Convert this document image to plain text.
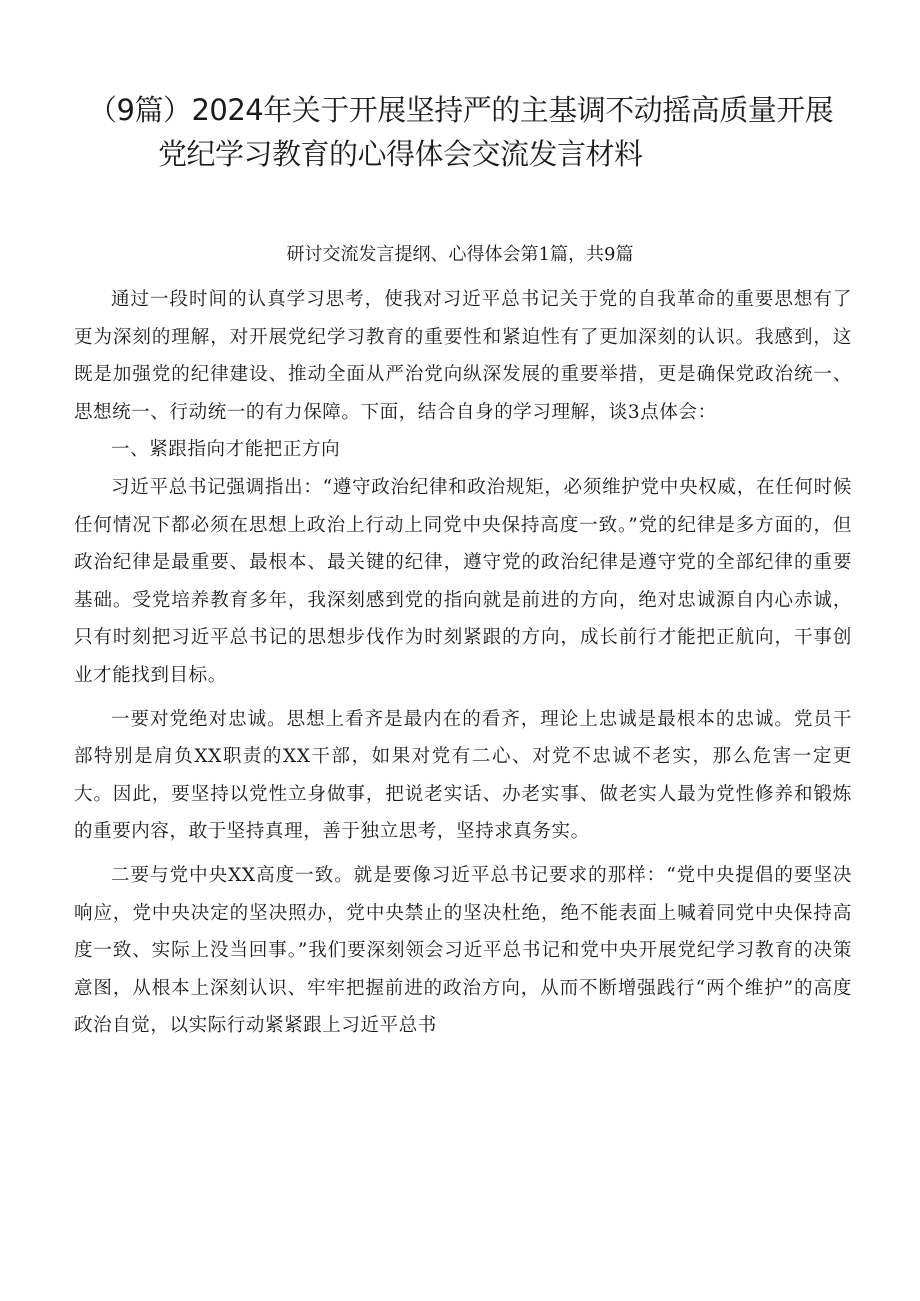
（9篇）2024年关于开展坚持严的主基调不动摇高质量开展
党纪学习教育的心得体会交流发言材料

研讨交流发言提纲、心得体会第1篇，共9篇

通过一段时间的认真学习思考，使我对习近平总书记关于党的自我革命的重要思想有了更为深刻的理解，对开展党纪学习教育的重要性和紧迫性有了更加深刻的认识。我感到，这既是加强党的纪律建设、推动全面从严治党向纵深发展的重要举措，更是确保党政治统一、思想统一、行动统一的有力保障。下面，结合自身的学习理解，谈3点体会：

一、紧跟指向才能把正方向

习近平总书记强调指出：“遵守政治纪律和政治规矩，必须维护党中央权威，在任何时候任何情况下都必须在思想上政治上行动上同党中央保持高度一致。”党的纪律是多方面的，但政治纪律是最重要、最根本、最关键的纪律，遵守党的政治纪律是遵守党的全部纪律的重要基础。受党培养教育多年，我深刻感到党的指向就是前进的方向，绝对忠诚源自内心赤诚，只有时刻把习近平总书记的思想步伐作为时刻紧跟的方向，成长前行才能把正航向，干事创业才能找到目标。

一要对党绝对忠诚。思想上看齐是最内在的看齐，理论上忠诚是最根本的忠诚。党员干部特别是肩负XX职责的XX干部，如果对党有二心、对党不忠诚不老实，那么危害一定更大。因此，要坚持以党性立身做事，把说老实话、办老实事、做老实人最为党性修养和锻炼的重要内容，敢于坚持真理，善于独立思考，坚持求真务实。

二要与党中央XX高度一致。就是要像习近平总书记要求的那样：“党中央提倡的要坚决响应，党中央决定的坚决照办，党中央禁止的坚决杜绝，绝不能表面上喊着同党中央保持高度一致、实际上没当回事。”我们要深刻领会习近平总书记和党中央开展党纪学习教育的决策意图，从根本上深刻认识、牢牢把握前进的政治方向，从而不断增强践行“两个维护”的高度政治自觉，以实际行动紧紧跟上习近平总书
